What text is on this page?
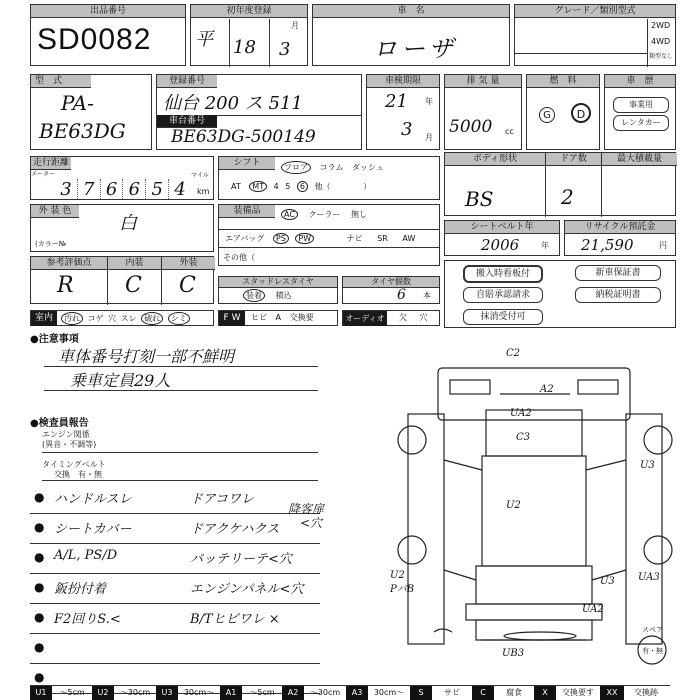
出品番号
SD0082
初年度登録
平 18
月
3
車　名
ローザ
グレード／類別型式
2WD
4WD
類型なし
型　式
PA-
BE63DG
登録番号
仙台 200 ス 511
車台番号
BE63DG-500149
車検期限
21 年
3 月
排 気 量
5000 cc
燃　料
G	D
車　歴
事業用
レンタカー
走行距離
メーター	マイル
km
3 7 6 6 5 4
シフト	フロア コラム ダッシュ
AT MT 4 5 6 他（	）
ボディ形状	ドア数	最大積載量
BS	2
外 装 色
白
(カラー№
装備品	AC クーラー 無し
エアバッグ PS PW	ナビ SR AW
その他（
シートベルト年
2006	年
リサイクル預託金
21,590	円
参考評価点	内装	外装
R C C	スタッドレスタイヤ
装着 積込
タイヤ個数
6 本
搬入時看板付	新車保証書
自賠承認請求	納税証明書
抹消受付可
室内	汚れ コゲ 穴 スレ 破れ シミ	F W	ヒビ A 交換要	オーディオ 欠 穴
●注意事項
車体番号打刻一部不鮮明
乗車定員29人
●検査員報告
エンジン関係
(異音・不調等)
タイミングベルト
交換　有・無
● ハンドルスレ	ドアコワレ
● シートカバー	ドアクケハクス
● A/L, PS/D	バッテリーテ<穴
● 鈑扮付着	エンジンパネル<穴
● F2回りS.<	B/Tヒビワレ ×
●
●
降客扉
<穴
C2
A2
UA2
C3
U3
U2
U2
PバB
U3 UA3
UA2
UB3
スペア
有・無
U1	〜5cm	U2	〜30cm	U3	30cm〜	A1	〜5cm	A2	〜30cm	A3	30cm〜	S	サビ	C	腐食	X	交換要す	XX	交換跡
